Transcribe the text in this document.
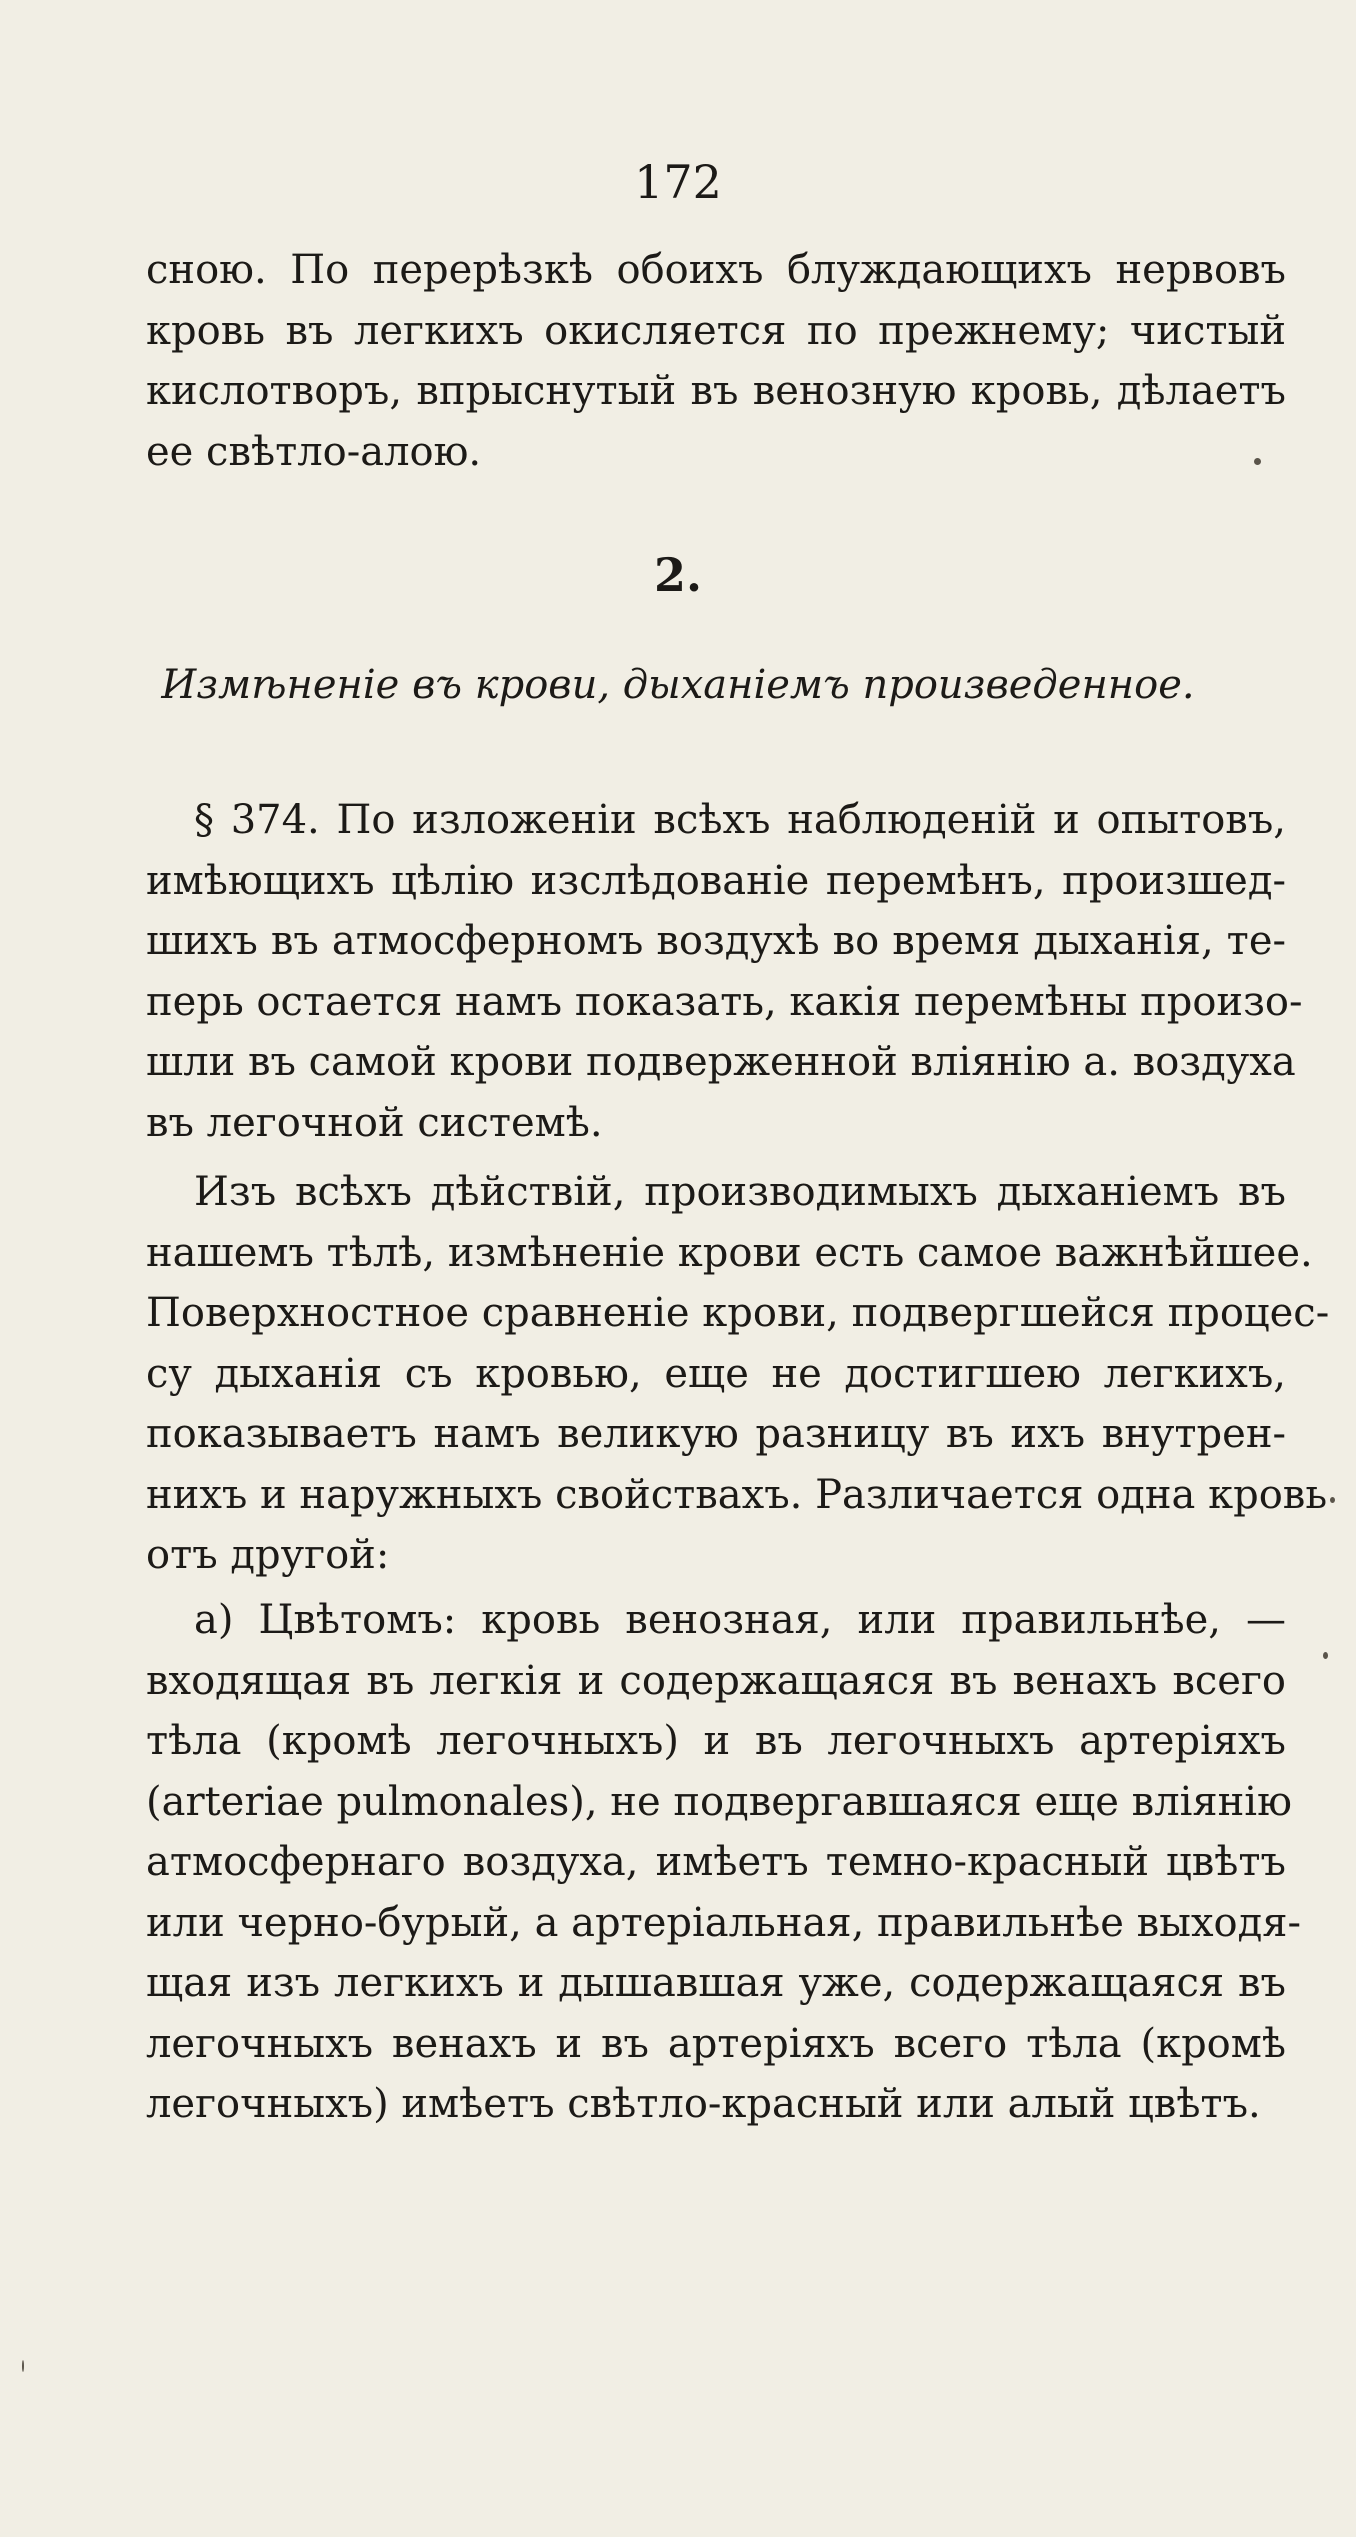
172
сною. По перерѣзкѣ обоихъ блуждающихъ нервовъ
кровь въ легкихъ окисляется по прежнему; чистый
кислотворъ, впрыснутый въ венозную кровь, дѣлаетъ
ее свѣтло-алою.
2.
Измѣненіе въ крови, дыханіемъ произведенное.
§ 374. По изложеніи всѣхъ наблюденій и опытовъ,
имѣющихъ цѣлію изслѣдованіе перемѣнъ, произшед-
шихъ въ атмосферномъ воздухѣ во время дыханія, те-
перь остается намъ показать, какія перемѣны произо-
шли въ самой крови подверженной вліянію а. воздуха
въ легочной системѣ.
Изъ всѣхъ дѣйствій, производимыхъ дыханіемъ въ
нашемъ тѣлѣ, измѣненіе крови есть самое важнѣйшее.
Поверхностное сравненіе крови, подвергшейся процес-
су дыханія съ кровью, еще не достигшею легкихъ,
показываетъ намъ великую разницу въ ихъ внутрен-
нихъ и наружныхъ свойствахъ. Различается одна кровь
отъ другой:
а) Цвѣтомъ: кровь венозная, или правильнѣе, —
входящая въ легкія и содержащаяся въ венахъ всего
тѣла (кромѣ легочныхъ) и въ легочныхъ артеріяхъ
(arteriae pulmonales), не подвергавшаяся еще вліянію
атмосфернаго воздуха, имѣетъ темно-красный цвѣтъ
или черно-бурый, а артеріальная, правильнѣе выходя-
щая изъ легкихъ и дышавшая уже, содержащаяся въ
легочныхъ венахъ и въ артеріяхъ всего тѣла (кромѣ
легочныхъ) имѣетъ свѣтло-красный или алый цвѣтъ.
